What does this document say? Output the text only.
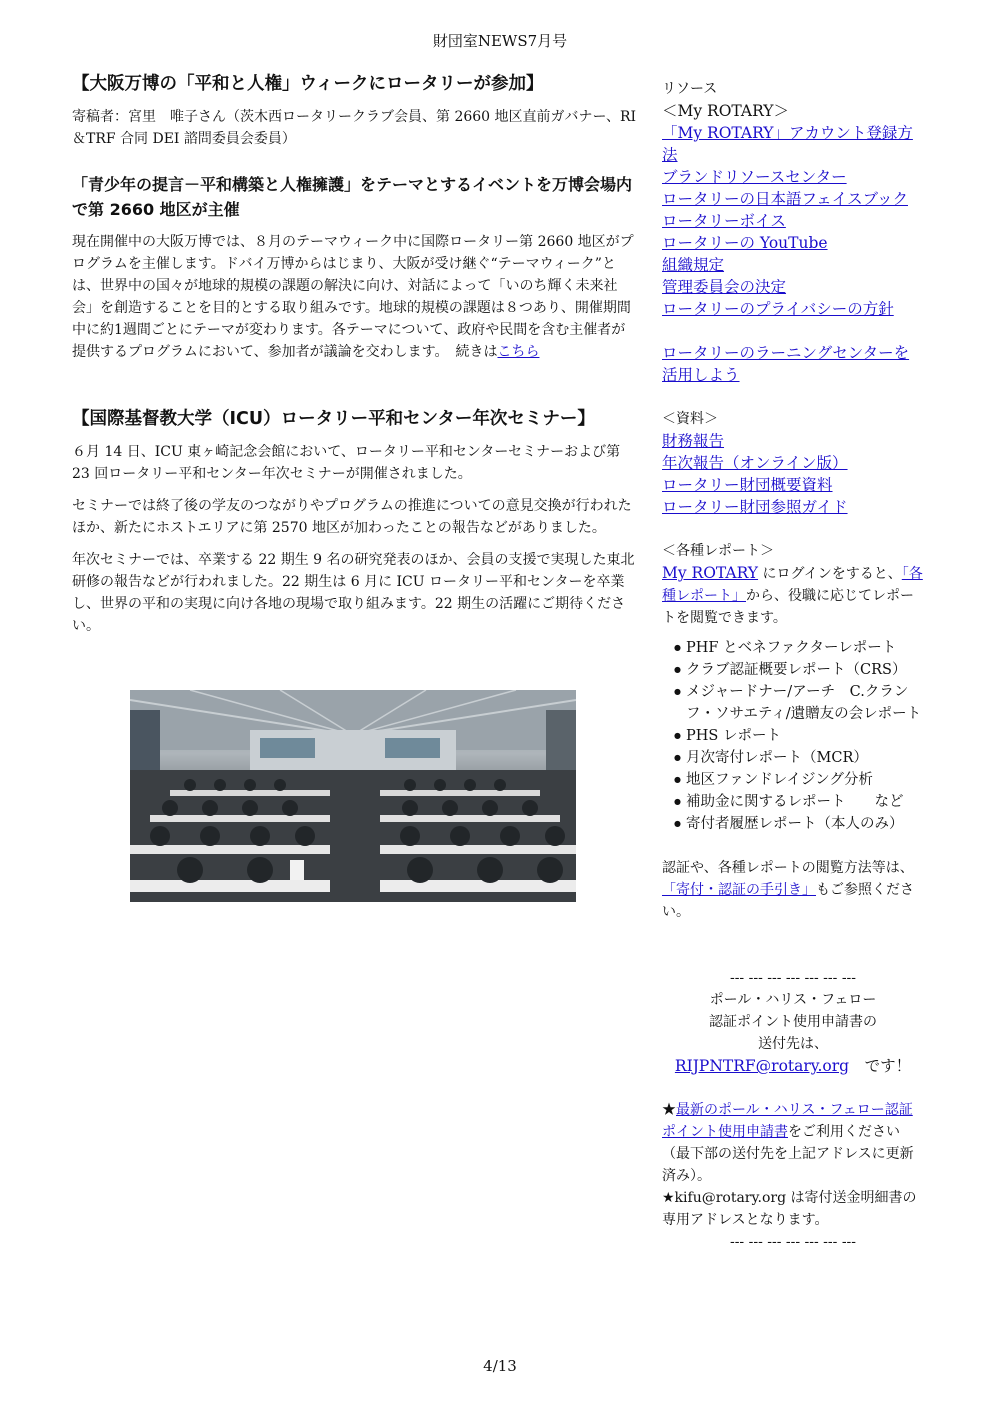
財団室NEWS7月号
【大阪万博の「平和と人権」ウィークにロータリーが参加】

寄稿者：宮里　唯子さん（茨木西ロータリークラブ会員、第 2660 地区直前ガバナー、RI＆TRF 合同 DEI 諮問委員会委員）

「青少年の提言－平和構築と人権擁護」をテーマとするイベントを万博会場内で第 2660 地区が主催

現在開催中の大阪万博では、８月のテーマウィーク中に国際ロータリー第 2660 地区がプログラムを主催します。ドバイ万博からはじまり、大阪が受け継ぐ“テーマウィーク”とは、世界中の国々が地球的規模の課題の解決に向け、対話によって「いのち輝く未来社会」を創造することを目的とする取り組みです。地球的規模の課題は８つあり、開催期間中に約1週間ごとにテーマが変わります。各テーマについて、政府や民間を含む主催者が提供するプログラムにおいて、参加者が議論を交わします。　続きはこちら

【国際基督教大学（ICU）ロータリー平和センター年次セミナー】

６月 14 日、ICU 東ヶ崎記念会館において、ロータリー平和センターセミナーおよび第 23 回ロータリー平和センター年次セミナーが開催されました。

セミナーでは終了後の学友のつながりやプログラムの推進についての意見交換が行われたほか、新たにホストエリアに第 2570 地区が加わったことの報告などがありました。

年次セミナーでは、卒業する 22 期生 9 名の研究発表のほか、会員の支援で実現した東北研修の報告などが行われました。22 期生は 6 月に ICU ロータリー平和センターを卒業し、世界の平和の実現に向け各地の現場で取り組みます。22 期生の活躍にご期待ください。

リソース
＜My ROTARY＞
「My ROTARY」アカウント登録方法
ブランドリソースセンター
ロータリーの日本語フェイスブック
ロータリーボイス
ロータリーの YouTube
組織規定
管理委員会の決定
ロータリーのプライバシーの方針
ロータリーのラーニングセンターを
活用しよう
＜資料＞
財務報告
年次報告（オンライン版）
ロータリー財団概要資料
ロータリー財団参照ガイド
＜各種レポート＞
My ROTARY にログインをすると、「各種レポート」から、役職に応じてレポートを閲覧できます。
● PHF とベネファクターレポート
● クラブ認証概要レポート（CRS）
● メジャードナー/アーチ　C.クランフ・ソサエティ/遺贈友の会レポート
● PHS レポート
● 月次寄付レポート（MCR）
● 地区ファンドレイジング分析
● 補助金に関するレポート　　など
● 寄付者履歴レポート（本人のみ）
認証や、各種レポートの閲覧方法等は、「寄付・認証の手引き」もご参照ください。
--- --- --- --- --- --- ---
ポール・ハリス・フェロー
認証ポイント使用申請書の
送付先は、
RIJPNTRF@rotary.org　です！
★最新のポール・ハリス・フェロー認証ポイント使用申請書をご利用ください（最下部の送付先を上記アドレスに更新済み）。
★kifu@rotary.org は寄付送金明細書の専用アドレスとなります。
--- --- --- --- --- --- ---
4/13
